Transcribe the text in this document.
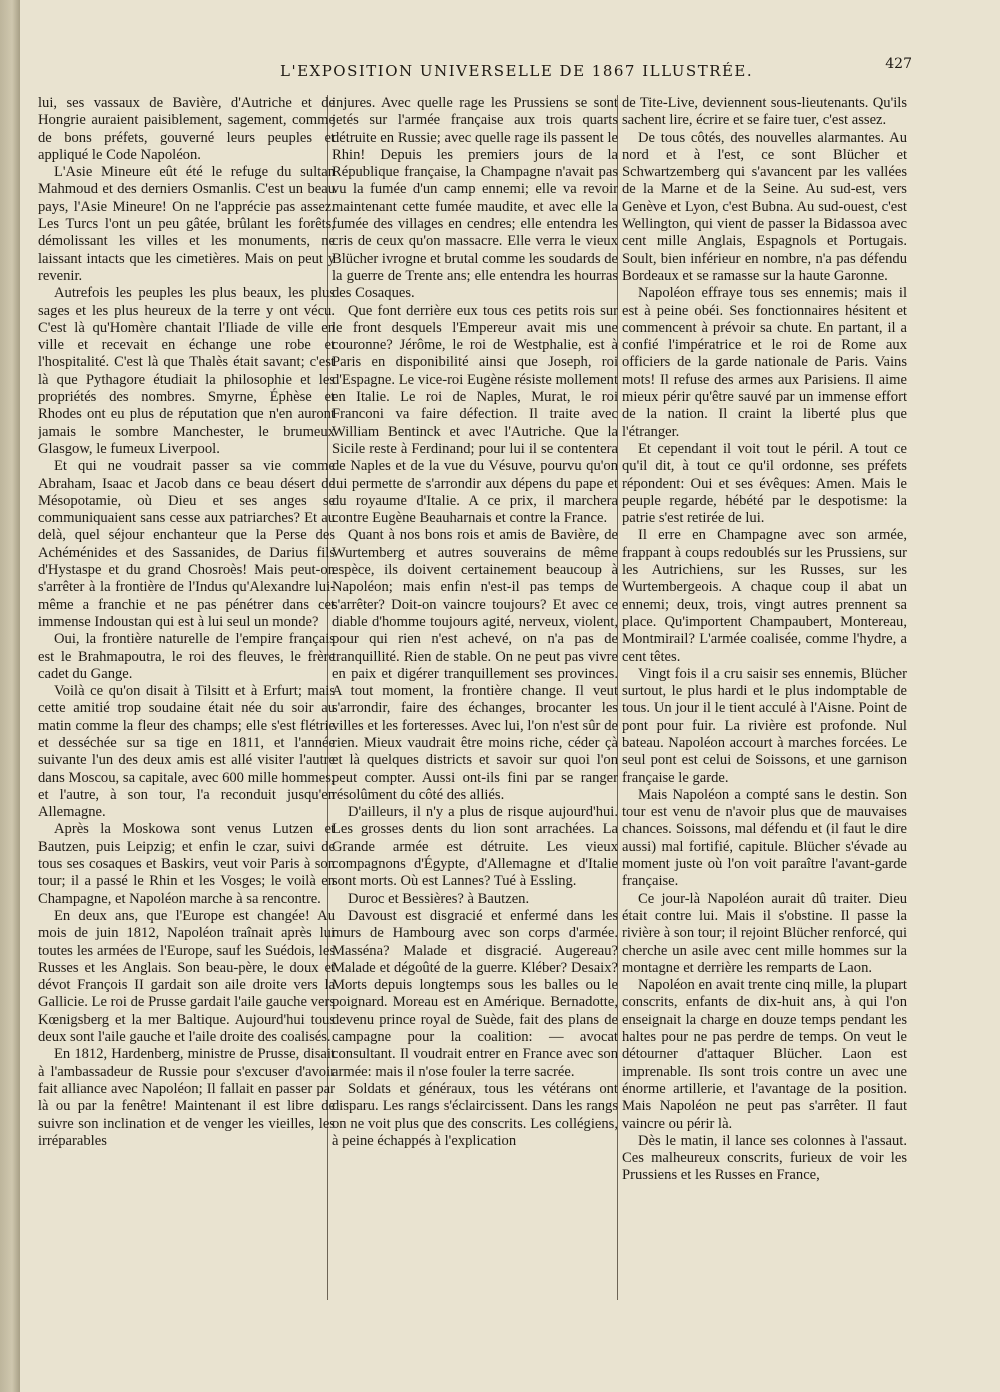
L'EXPOSITION UNIVERSELLE DE 1867 ILLUSTRÉE.	427

lui, ses vassaux de Bavière, d'Autriche et de Hongrie auraient paisiblement, sagement, comme de bons préfets, gouverné leurs peuples et appliqué le Code Napoléon.

L'Asie Mineure eût été le refuge du sultan Mahmoud et des derniers Osmanlis. C'est un beau pays, l'Asie Mineure! On ne l'apprécie pas assez. Les Turcs l'ont un peu gâtée, brûlant les forêts, démolissant les villes et les monuments, ne laissant intacts que les cimetières. Mais on peut y revenir.

Autrefois les peuples les plus beaux, les plus sages et les plus heureux de la terre y ont vécu. C'est là qu'Homère chantait l'Iliade de ville en ville et recevait en échange une robe et l'hospitalité. C'est là que Thalès était savant; c'est là que Pythagore étudiait la philosophie et les propriétés des nombres. Smyrne, Éphèse et Rhodes ont eu plus de réputation que n'en auront jamais le sombre Manchester, le brumeux Glasgow, le fumeux Liverpool.

Et qui ne voudrait passer sa vie comme Abraham, Isaac et Jacob dans ce beau désert de Mésopotamie, où Dieu et ses anges se communiquaient sans cesse aux patriarches? Et au delà, quel séjour enchanteur que la Perse des Achéménides et des Sassanides, de Darius fils d'Hystaspe et du grand Chosroès! Mais peut-on s'arrêter à la frontière de l'Indus qu'Alexandre lui-même a franchie et ne pas pénétrer dans cet immense Indoustan qui est à lui seul un monde?

Oui, la frontière naturelle de l'empire français est le Brahmapoutra, le roi des fleuves, le frère cadet du Gange.

Voilà ce qu'on disait à Tilsitt et à Erfurt; mais cette amitié trop soudaine était née du soir au matin comme la fleur des champs; elle s'est flétrie et desséchée sur sa tige en 1811, et l'année suivante l'un des deux amis est allé visiter l'autre dans Moscou, sa capitale, avec 600 mille hommes; et l'autre, à son tour, l'a reconduit jusqu'en Allemagne.

Après la Moskowa sont venus Lutzen et Bautzen, puis Leipzig; et enfin le czar, suivi de tous ses cosaques et Baskirs, veut voir Paris à son tour; il a passé le Rhin et les Vosges; le voilà en Champagne, et Napoléon marche à sa rencontre.

En deux ans, que l'Europe est changée! Au mois de juin 1812, Napoléon traînait après lui toutes les armées de l'Europe, sauf les Suédois, les Russes et les Anglais. Son beau-père, le doux et dévot François II gardait son aile droite vers la Gallicie. Le roi de Prusse gardait l'aile gauche vers Kœnigsberg et la mer Baltique. Aujourd'hui tous deux sont l'aile gauche et l'aile droite des coalisés.

En 1812, Hardenberg, ministre de Prusse, disait à l'ambassadeur de Russie pour s'excuser d'avoir fait alliance avec Napoléon; Il fallait en passer par là ou par la fenêtre! Maintenant il est libre de suivre son inclination et de venger les vieilles, les irréparables

injures. Avec quelle rage les Prussiens se sont jetés sur l'armée française aux trois quarts détruite en Russie; avec quelle rage ils passent le Rhin! Depuis les premiers jours de la République française, la Champagne n'avait pas vu la fumée d'un camp ennemi; elle va revoir maintenant cette fumée maudite, et avec elle la fumée des villages en cendres; elle entendra les cris de ceux qu'on massacre. Elle verra le vieux Blücher ivrogne et brutal comme les soudards de la guerre de Trente ans; elle entendra les hourras des Cosaques.

Que font derrière eux tous ces petits rois sur le front desquels l'Empereur avait mis une couronne? Jérôme, le roi de Westphalie, est à Paris en disponibilité ainsi que Joseph, roi d'Espagne. Le vice-roi Eugène résiste mollement en Italie. Le roi de Naples, Murat, le roi Franconi va faire défection. Il traite avec William Bentinck et avec l'Autriche. Que la Sicile reste à Ferdinand; pour lui il se contentera de Naples et de la vue du Vésuve, pourvu qu'on lui permette de s'arrondir aux dépens du pape et du royaume d'Italie. A ce prix, il marchera contre Eugène Beauharnais et contre la France.

Quant à nos bons rois et amis de Bavière, de Wurtemberg et autres souverains de même espèce, ils doivent certainement beaucoup à Napoléon; mais enfin n'est-il pas temps de s'arrêter? Doit-on vaincre toujours? Et avec ce diable d'homme toujours agité, nerveux, violent, pour qui rien n'est achevé, on n'a pas de tranquillité. Rien de stable. On ne peut pas vivre en paix et digérer tranquillement ses provinces. A tout moment, la frontière change. Il veut s'arrondir, faire des échanges, brocanter les villes et les forteresses. Avec lui, l'on n'est sûr de rien. Mieux vaudrait être moins riche, céder çà et là quelques districts et savoir sur quoi l'on peut compter. Aussi ont-ils fini par se ranger résolûment du côté des alliés.

D'ailleurs, il n'y a plus de risque aujourd'hui. Les grosses dents du lion sont arrachées. La Grande armée est détruite. Les vieux compagnons d'Égypte, d'Allemagne et d'Italie sont morts. Où est Lannes? Tué à Essling.

Duroc et Bessières? à Bautzen.

Davoust est disgracié et enfermé dans les murs de Hambourg avec son corps d'armée. Masséna? Malade et disgracié. Augereau? Malade et dégoûté de la guerre. Kléber? Desaix? Morts depuis longtemps sous les balles ou le poignard. Moreau est en Amérique. Bernadotte, devenu prince royal de Suède, fait des plans de campagne pour la coalition: — avocat consultant. Il voudrait entrer en France avec son armée: mais il n'ose fouler la terre sacrée.

Soldats et généraux, tous les vétérans ont disparu. Les rangs s'éclaircissent. Dans les rangs on ne voit plus que des conscrits. Les collégiens, à peine échappés à l'explication

de Tite-Live, deviennent sous-lieutenants. Qu'ils sachent lire, écrire et se faire tuer, c'est assez.

De tous côtés, des nouvelles alarmantes. Au nord et à l'est, ce sont Blücher et Schwartzemberg qui s'avancent par les vallées de la Marne et de la Seine. Au sud-est, vers Genève et Lyon, c'est Bubna. Au sud-ouest, c'est Wellington, qui vient de passer la Bidassoa avec cent mille Anglais, Espagnols et Portugais. Soult, bien inférieur en nombre, n'a pas défendu Bordeaux et se ramasse sur la haute Garonne.

Napoléon effraye tous ses ennemis; mais il est à peine obéi. Ses fonctionnaires hésitent et commencent à prévoir sa chute. En partant, il a confié l'impératrice et le roi de Rome aux officiers de la garde nationale de Paris. Vains mots! Il refuse des armes aux Parisiens. Il aime mieux périr qu'être sauvé par un immense effort de la nation. Il craint la liberté plus que l'étranger.

Et cependant il voit tout le péril. A tout ce qu'il dit, à tout ce qu'il ordonne, ses préfets répondent: Oui et ses évêques: Amen. Mais le peuple regarde, hébété par le despotisme: la patrie s'est retirée de lui.

Il erre en Champagne avec son armée, frappant à coups redoublés sur les Prussiens, sur les Autrichiens, sur les Russes, sur les Wurtembergeois. A chaque coup il abat un ennemi; deux, trois, vingt autres prennent sa place. Qu'importent Champaubert, Montereau, Montmirail? L'armée coalisée, comme l'hydre, a cent têtes.

Vingt fois il a cru saisir ses ennemis, Blücher surtout, le plus hardi et le plus indomptable de tous. Un jour il le tient acculé à l'Aisne. Point de pont pour fuir. La rivière est profonde. Nul bateau. Napoléon accourt à marches forcées. Le seul pont est celui de Soissons, et une garnison française le garde.

Mais Napoléon a compté sans le destin. Son tour est venu de n'avoir plus que de mauvaises chances. Soissons, mal défendu et (il faut le dire aussi) mal fortifié, capitule. Blücher s'évade au moment juste où l'on voit paraître l'avant-garde française.

Ce jour-là Napoléon aurait dû traiter. Dieu était contre lui. Mais il s'obstine. Il passe la rivière à son tour; il rejoint Blücher renforcé, qui cherche un asile avec cent mille hommes sur la montagne et derrière les remparts de Laon.

Napoléon en avait trente cinq mille, la plupart conscrits, enfants de dix-huit ans, à qui l'on enseignait la charge en douze temps pendant les haltes pour ne pas perdre de temps. On veut le détourner d'attaquer Blücher. Laon est imprenable. Ils sont trois contre un avec une énorme artillerie, et l'avantage de la position. Mais Napoléon ne peut pas s'arrêter. Il faut vaincre ou périr là.

Dès le matin, il lance ses colonnes à l'assaut. Ces malheureux conscrits, furieux de voir les Prussiens et les Russes en France,
